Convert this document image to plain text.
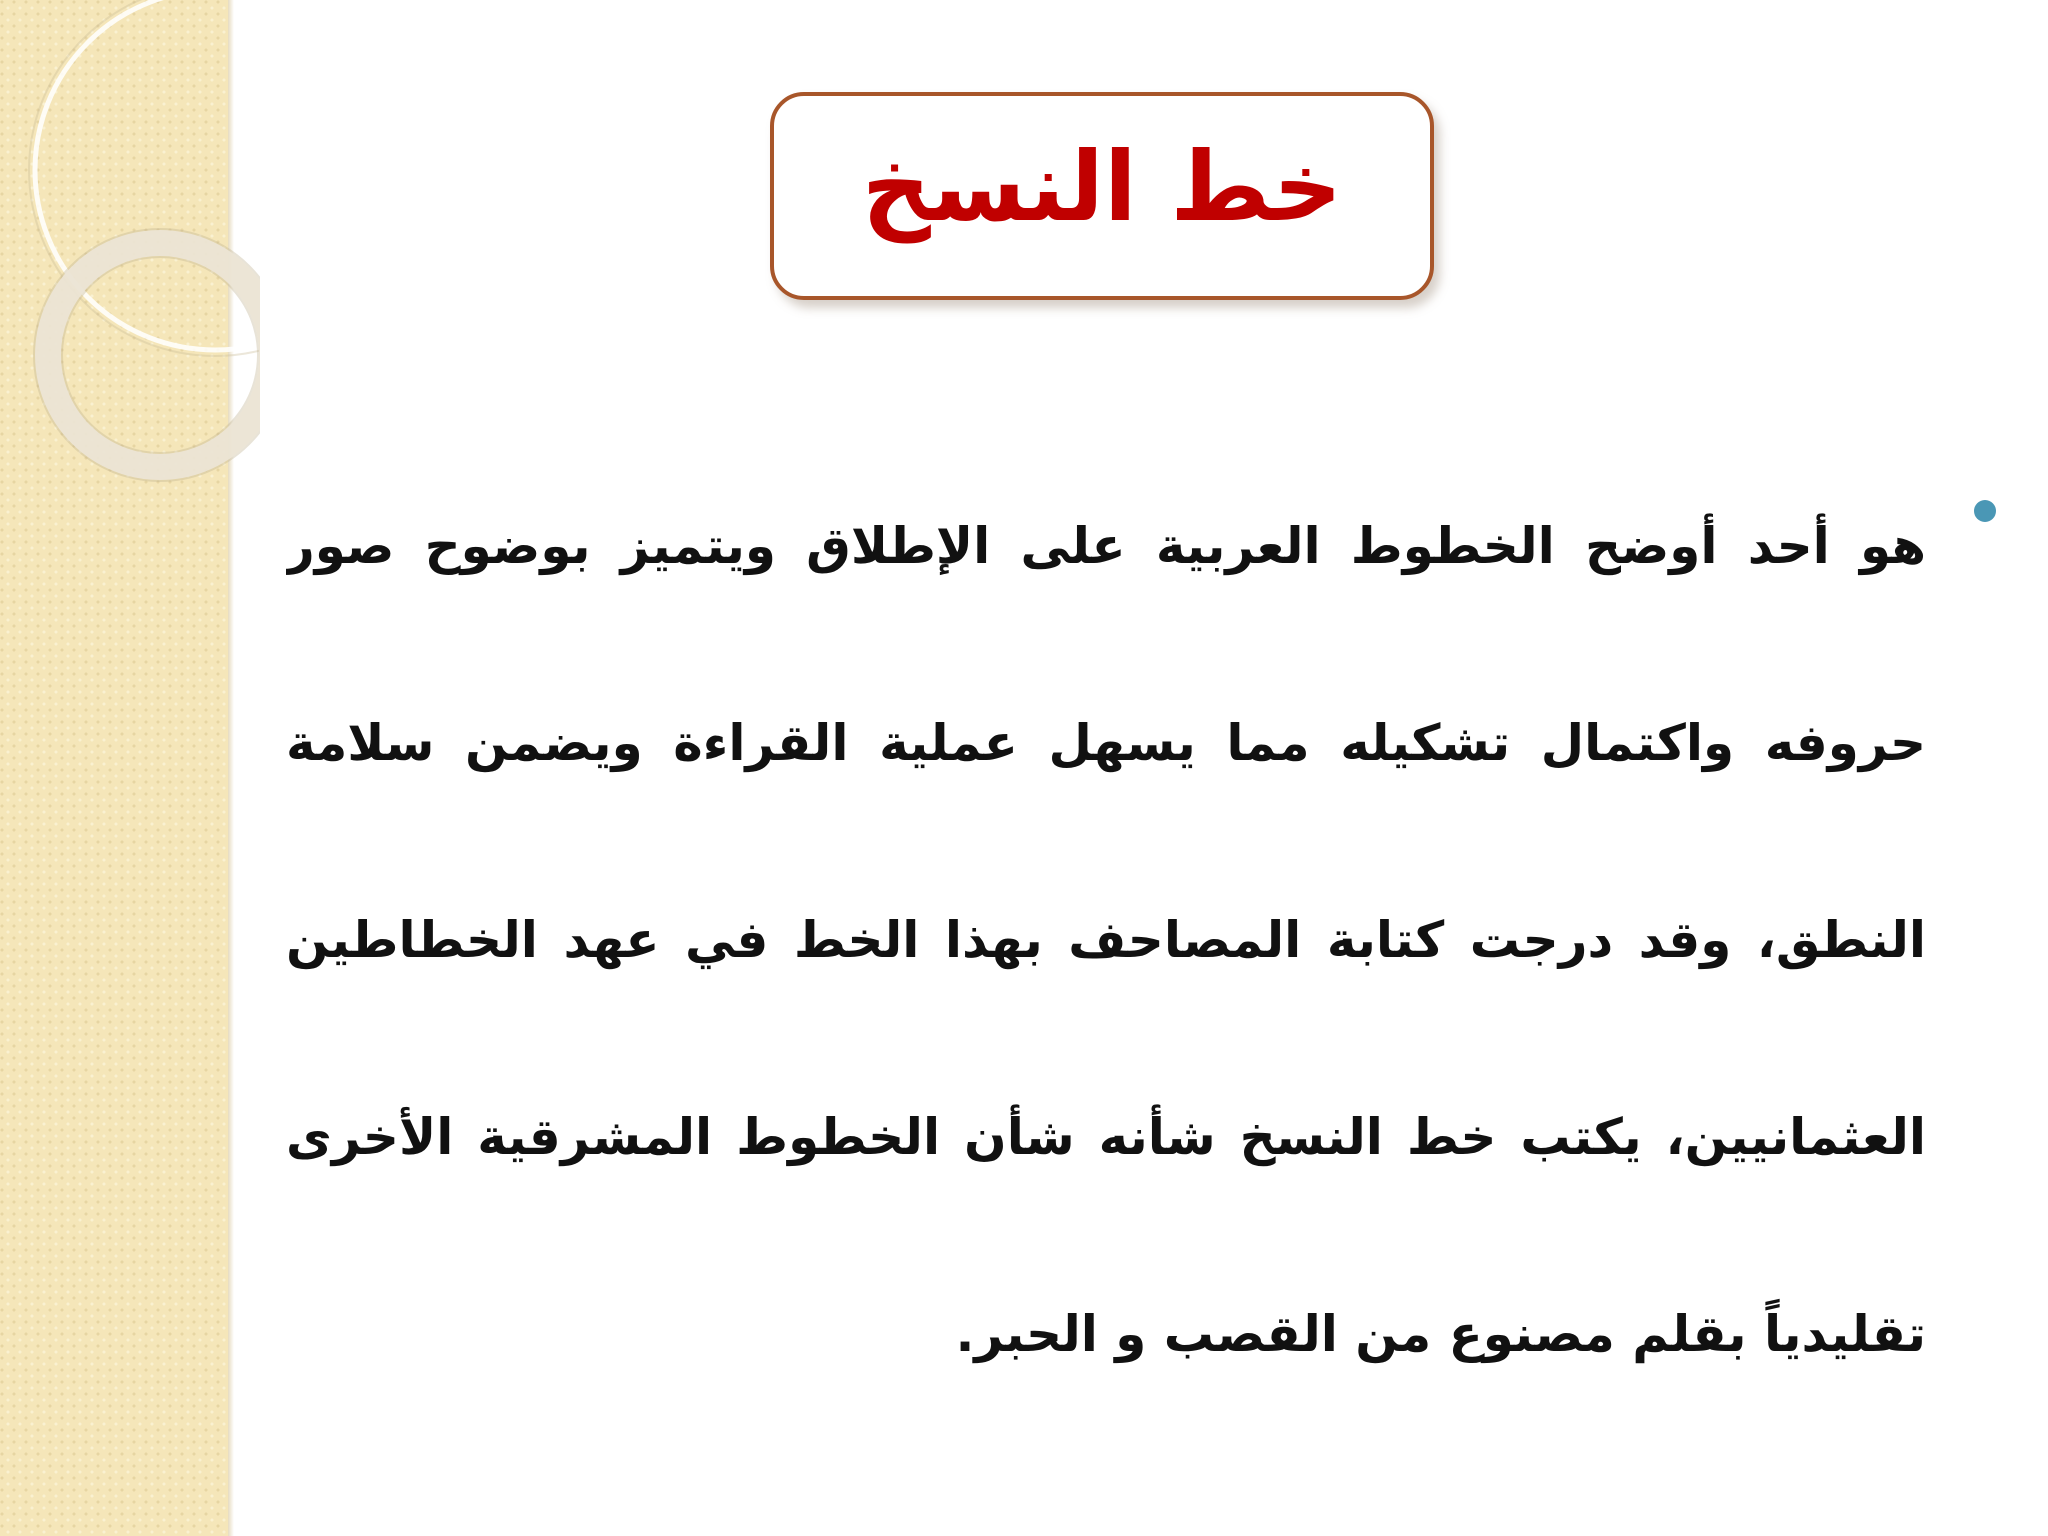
خط النسخ

هو أحد أوضح الخطوط العربية على الإطلاق ويتميز بوضوح صور حروفه واكتمال تشكيله مما يسهل عملية القراءة ويضمن سلامة النطق، وقد درجت كتابة المصاحف بهذا الخط في عهد الخطاطين العثمانيين، يكتب خط النسخ شأنه شأن الخطوط المشرقية الأخرى تقليدياً بقلم مصنوع من القصب و الحبر.
